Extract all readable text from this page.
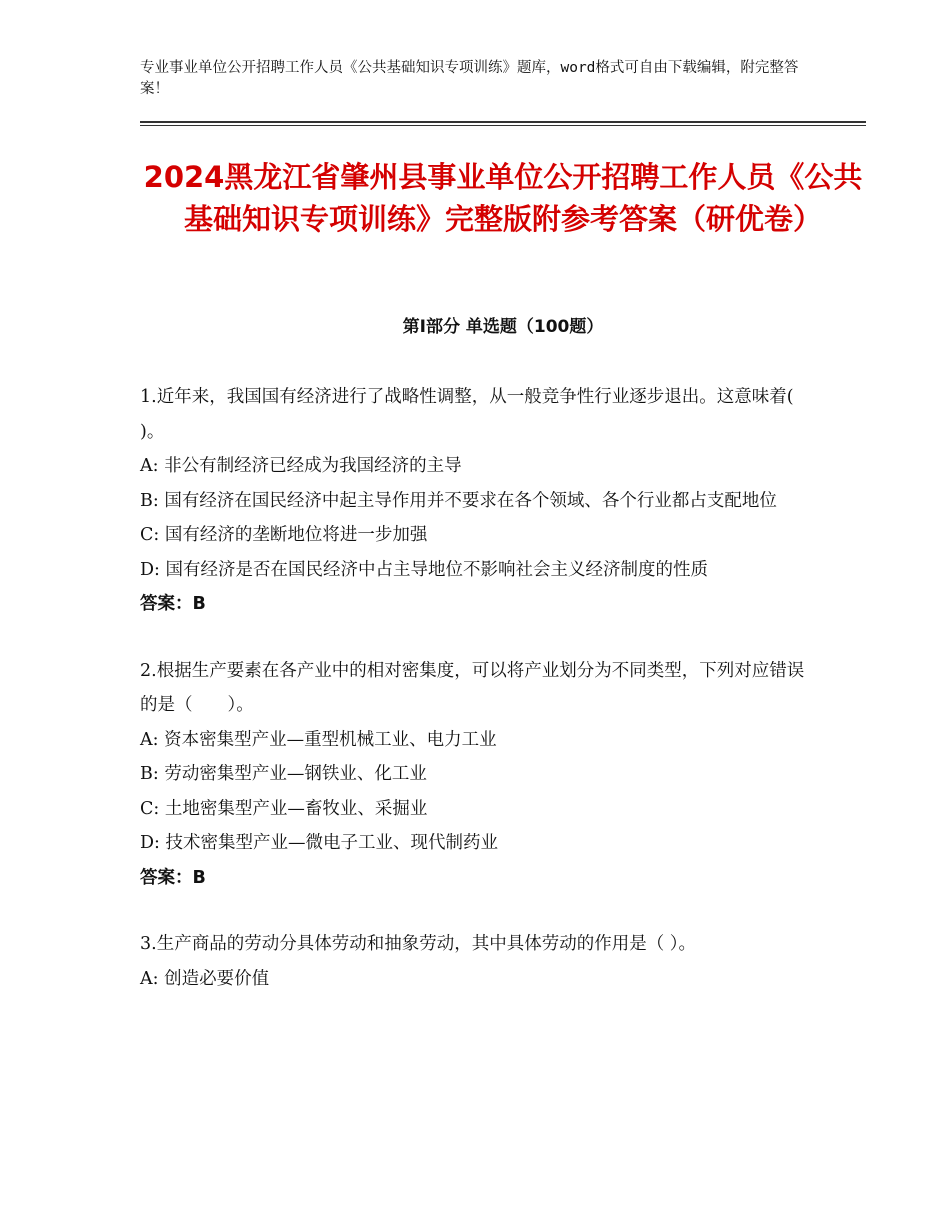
专业事业单位公开招聘工作人员《公共基础知识专项训练》题库，word格式可自由下载编辑，附完整答案！
2024黑龙江省肇州县事业单位公开招聘工作人员《公共基础知识专项训练》完整版附参考答案（研优卷）
第Ⅰ部分 单选题（100题）

1.近年来，我国国有经济进行了战略性调整，从一般竞争性行业逐步退出。这意味着( )。

A: 非公有制经济已经成为我国经济的主导

B: 国有经济在国民经济中起主导作用并不要求在各个领域、各个行业都占支配地位

C: 国有经济的垄断地位将进一步加强

D: 国有经济是否在国民经济中占主导地位不影响社会主义经济制度的性质

答案：B

2.根据生产要素在各产业中的相对密集度，可以将产业划分为不同类型，下列对应错误的是（　　）。

A: 资本密集型产业—重型机械工业、电力工业

B: 劳动密集型产业—钢铁业、化工业

C: 土地密集型产业—畜牧业、采掘业

D: 技术密集型产业—微电子工业、现代制药业

答案：B

3.生产商品的劳动分具体劳动和抽象劳动，其中具体劳动的作用是（ ）。

A: 创造必要价值
